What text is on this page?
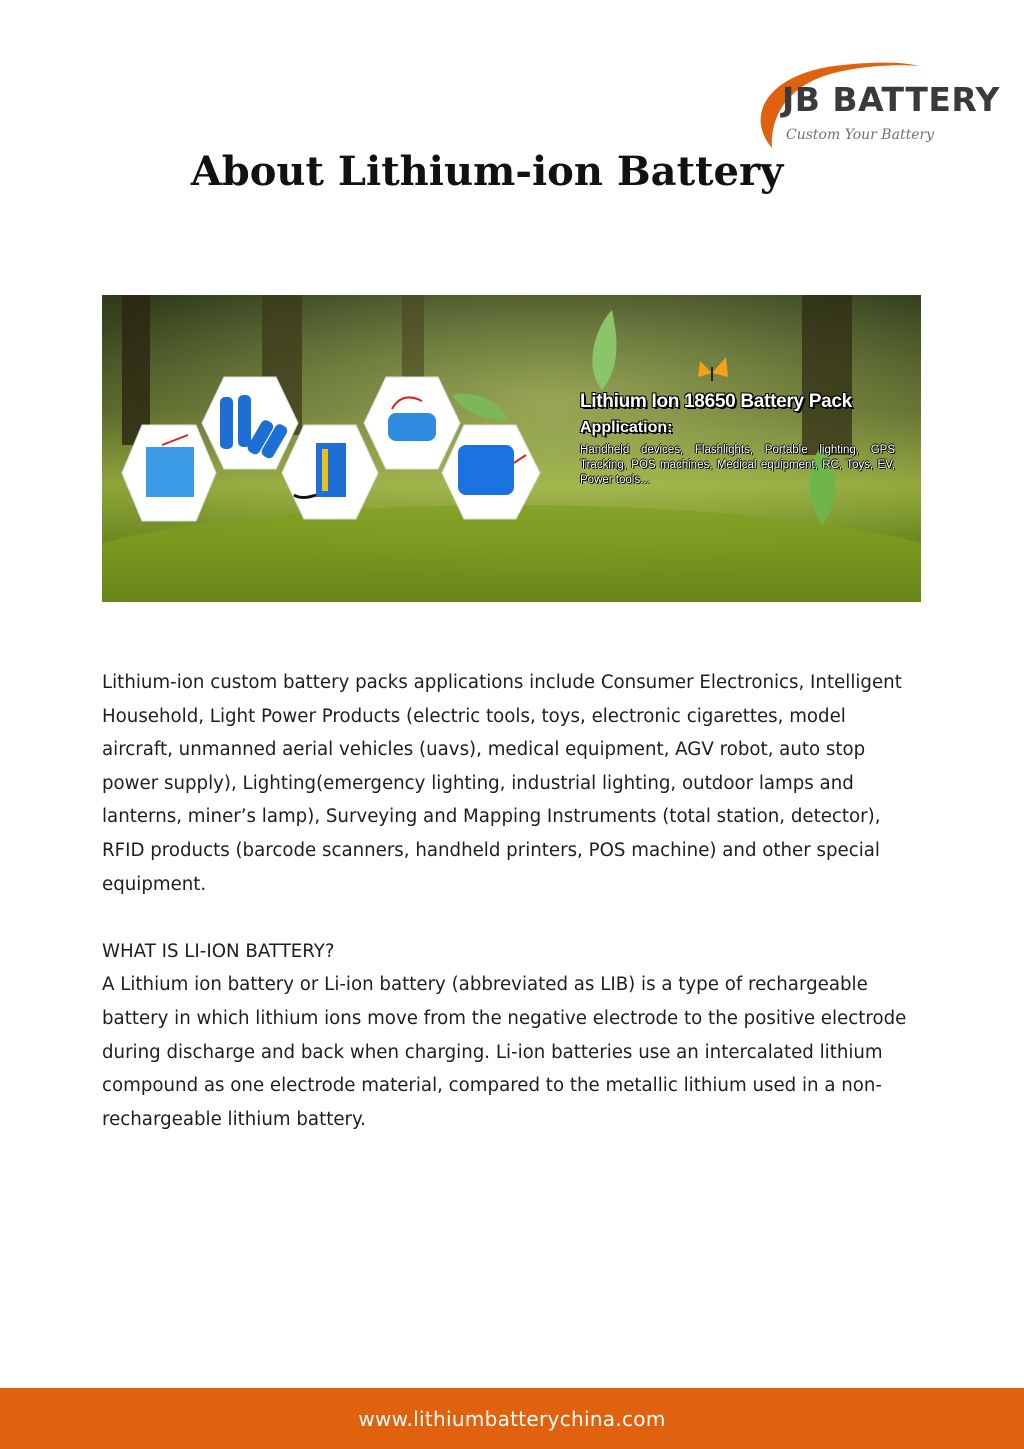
JB BATTERY
Custom Your Battery
About Lithium-ion Battery
Lithium Ion 18650 Battery Pack
Application:
Handheld devices, Flashlights, Portable lighting, GPS Tracking, POS machines, Medical equipment, RC, Toys, EV, Power tools...

Lithium-ion custom battery packs applications include Consumer Electronics, Intelligent Household, Light Power Products (electric tools, toys, electronic cigarettes, model aircraft, unmanned aerial vehicles (uavs), medical equipment, AGV robot, auto stop power supply), Lighting(emergency lighting, industrial lighting, outdoor lamps and lanterns, miner’s lamp), Surveying and Mapping Instruments (total station, detector), RFID products (barcode scanners, handheld printers, POS machine) and other special equipment.

WHAT IS LI-ION BATTERY?

A Lithium ion battery or Li-ion battery (abbreviated as LIB) is a type of rechargeable battery in which lithium ions move from the negative electrode to the positive electrode during discharge and back when charging. Li-ion batteries use an intercalated lithium compound as one electrode material, compared to the metallic lithium used in a non-rechargeable lithium battery.

www.lithiumbatterychina.com
